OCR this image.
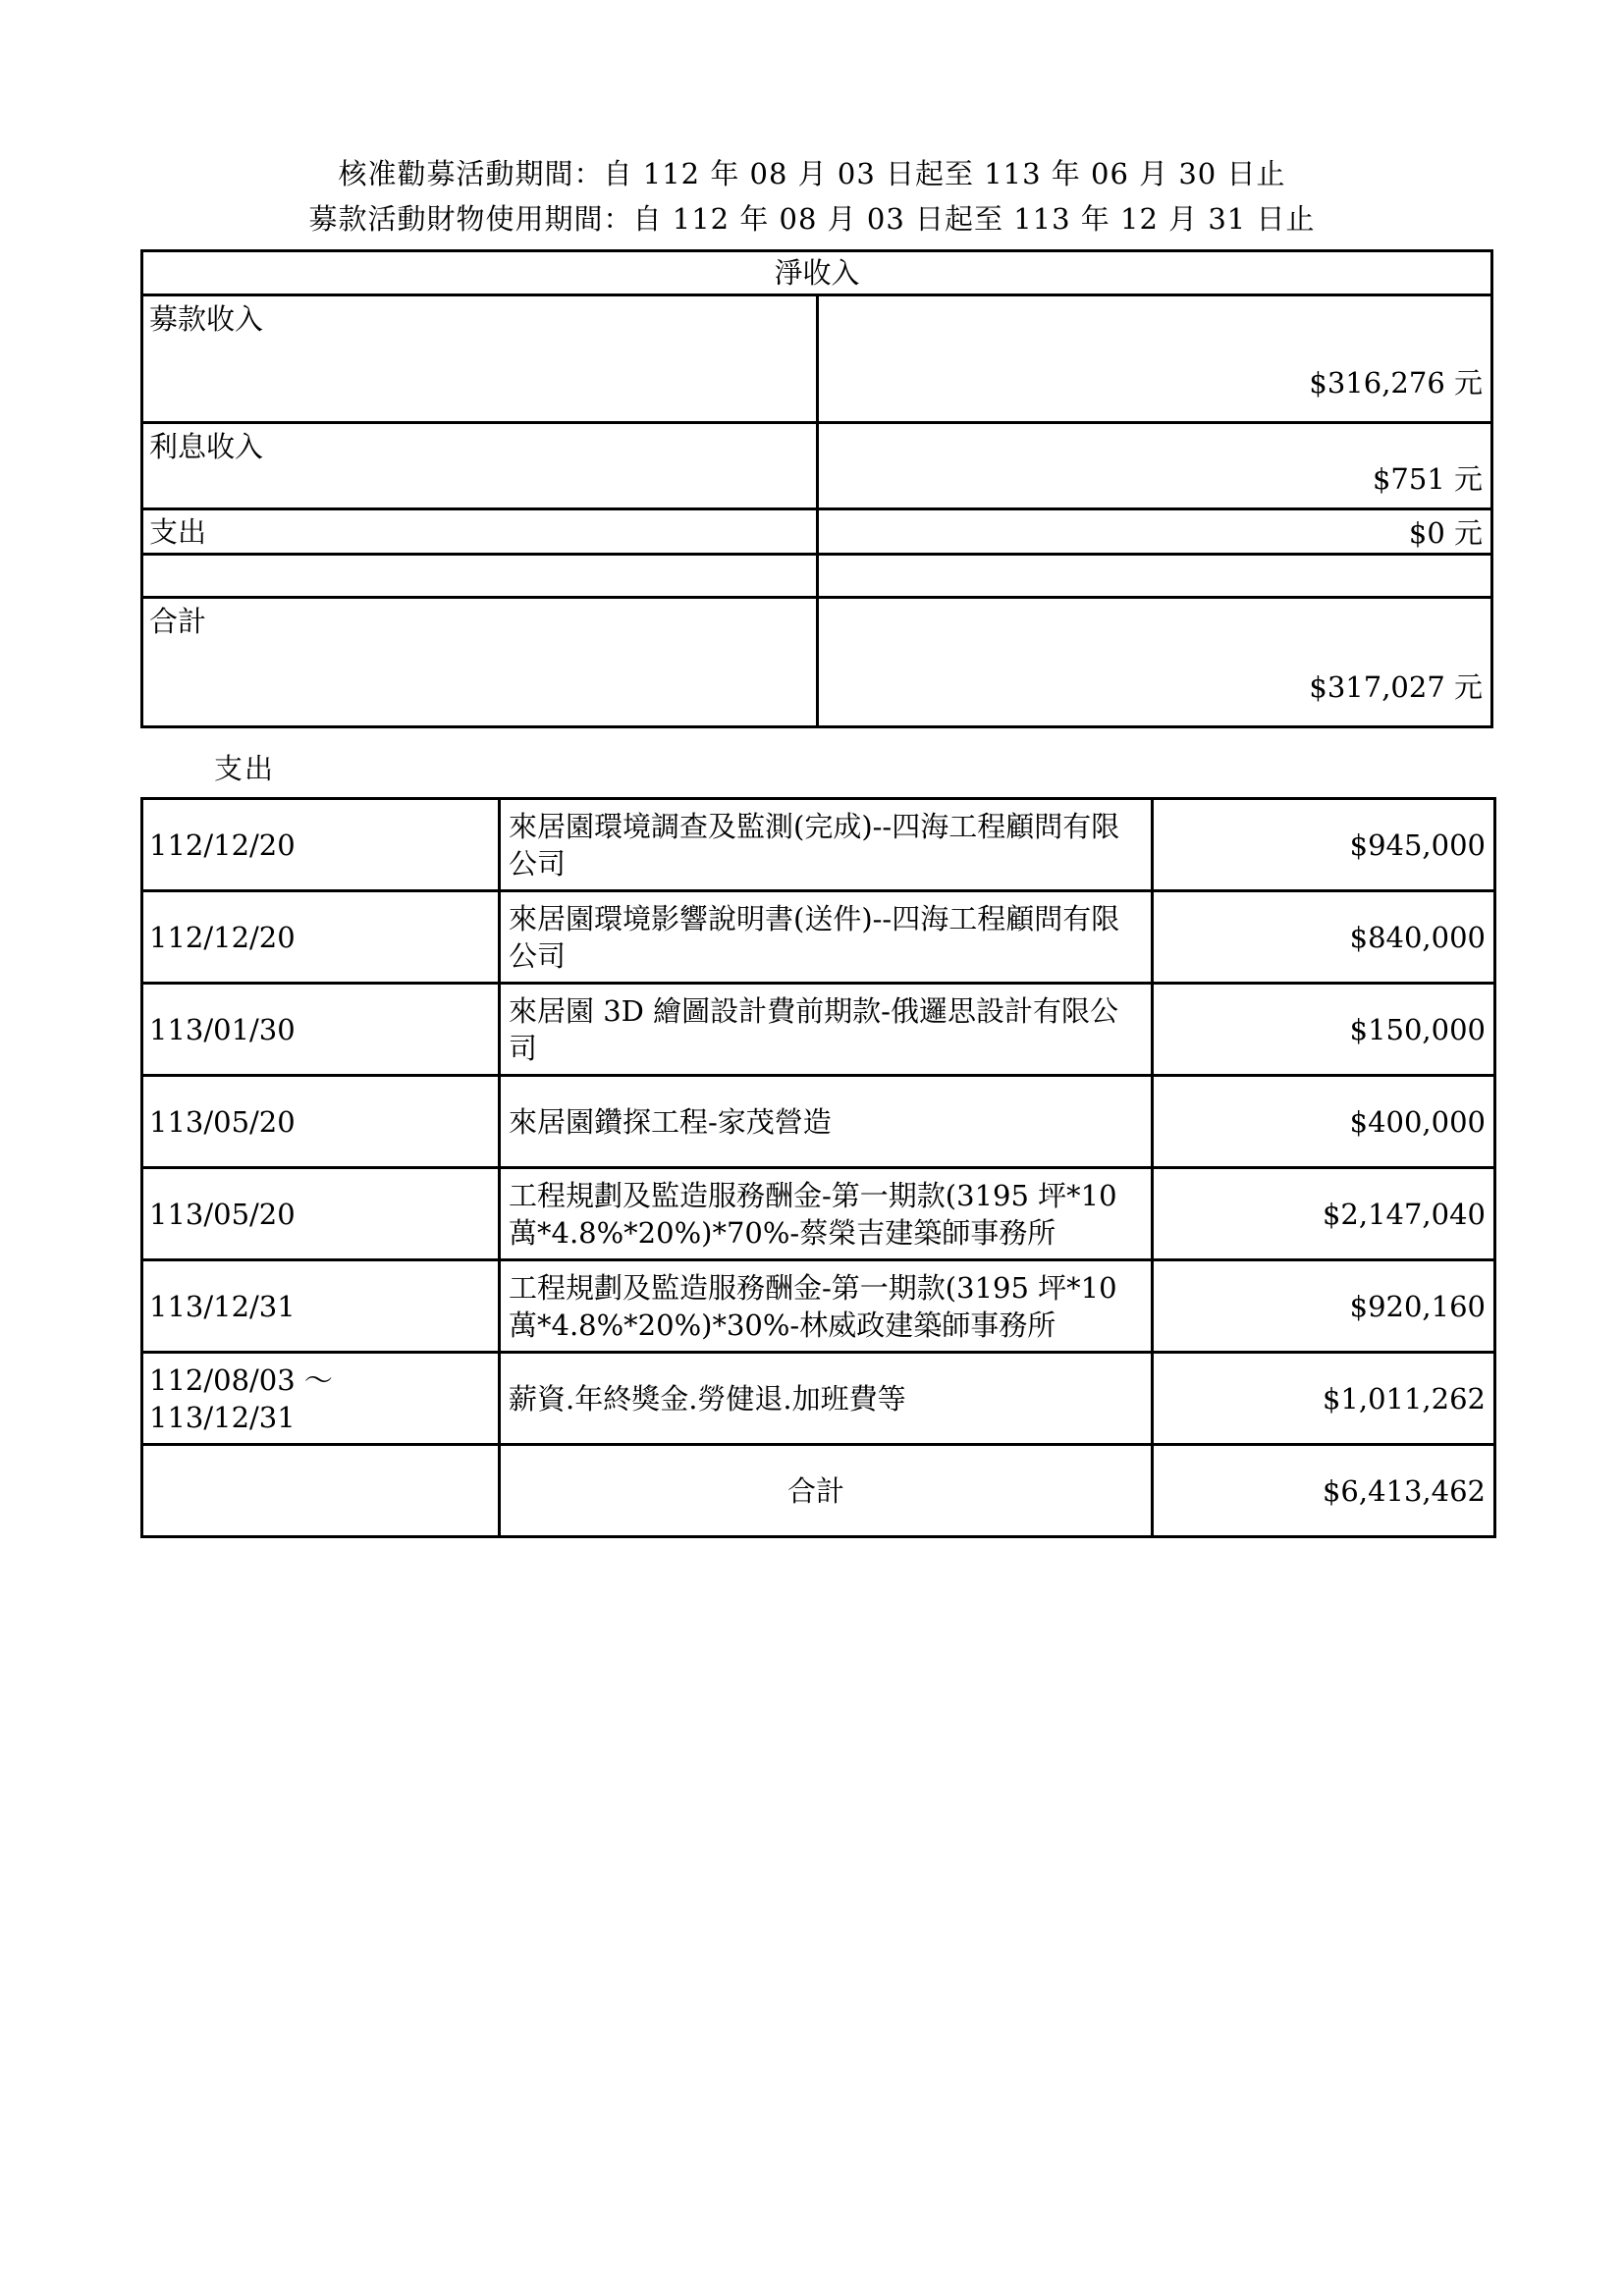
核准勸募活動期間：自 112 年 08 月 03 日起至 113 年 06 月 30 日止
募款活動財物使用期間：自 112 年 08 月 03 日起至 113 年 12 月 31 日止
淨收入	
募款收入	$316,276 元
利息收入	$751 元
支出	$0 元

合計	$317,027 元
支出
112/12/20	來居園環境調查及監測(完成)--四海工程顧問有限公司	$945,000
112/12/20	來居園環境影響說明書(送件)--四海工程顧問有限公司	$840,000
113/01/30	來居園 3D 繪圖設計費前期款-俄邏思設計有限公司	$150,000
113/05/20	來居園鑽探工程-家茂營造	$400,000
113/05/20	工程規劃及監造服務酬金-第一期款(3195 坪*10 萬*4.8%*20%)*70%-蔡榮吉建築師事務所	$2,147,040
113/12/31	工程規劃及監造服務酬金-第一期款(3195 坪*10 萬*4.8%*20%)*30%-林威政建築師事務所	$920,160
112/08/03 ～ 113/12/31	薪資.年終獎金.勞健退.加班費等	$1,011,262
	合計	$6,413,462
